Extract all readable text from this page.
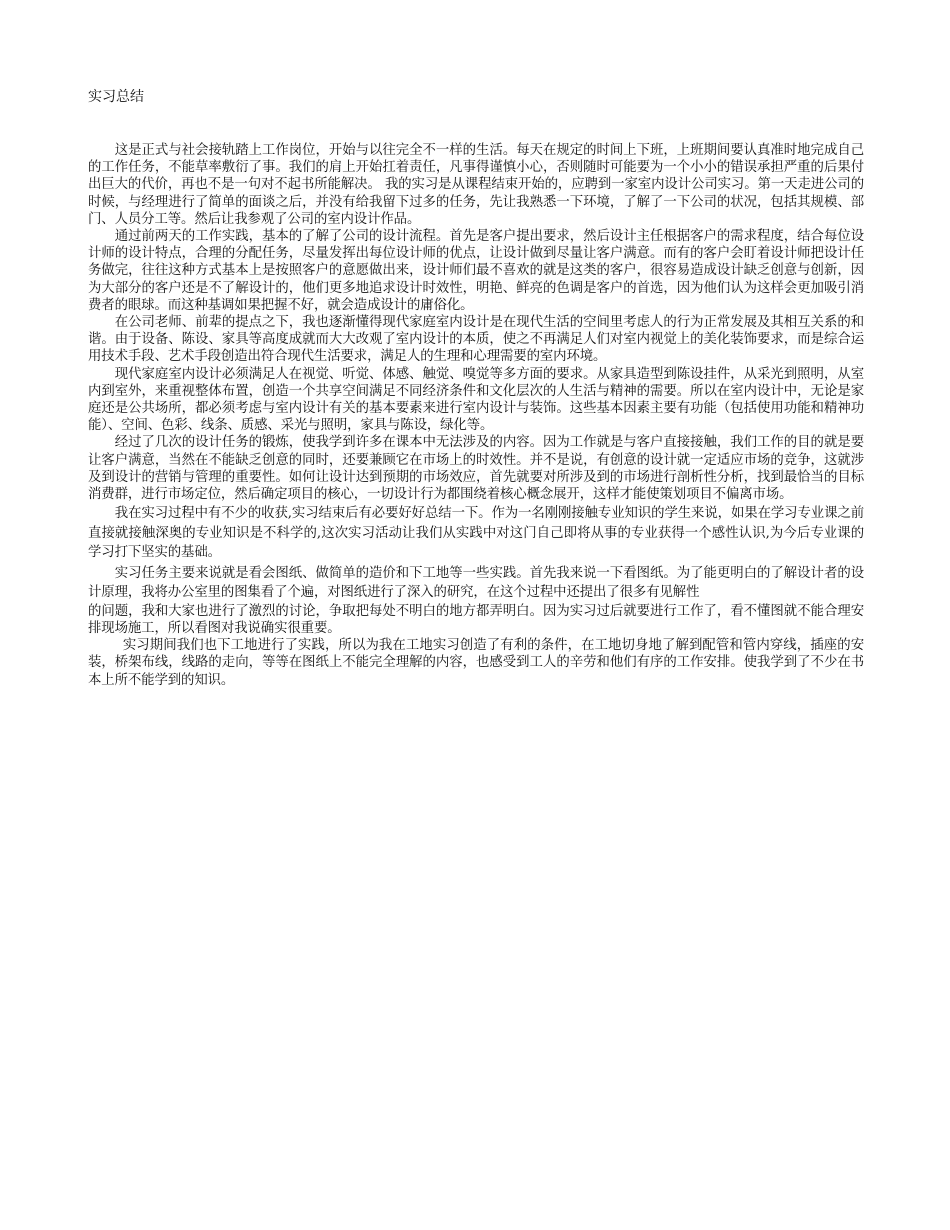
实习总结

这是正式与社会接轨踏上工作岗位，开始与以往完全不一样的生活。每天在规定的时间上下班，上班期间要认真准时地完成自己的工作任务，不能草率敷衍了事。我们的肩上开始扛着责任，凡事得谨慎小心，否则随时可能要为一个小小的错误承担严重的后果付出巨大的代价，再也不是一句对不起书所能解决。 我的实习是从课程结束开始的，应聘到一家室内设计公司实习。第一天走进公司的时候，与经理进行了简单的面谈之后，并没有给我留下过多的任务，先让我熟悉一下环境，了解了一下公司的状况，包括其规模、部门、人员分工等。然后让我参观了公司的室内设计作品。

通过前两天的工作实践，基本的了解了公司的设计流程。首先是客户提出要求，然后设计主任根据客户的需求程度，结合每位设计师的设计特点，合理的分配任务，尽量发挥出每位设计师的优点，让设计做到尽量让客户满意。而有的客户会盯着设计师把设计任务做完，往往这种方式基本上是按照客户的意愿做出来，设计师们最不喜欢的就是这类的客户，很容易造成设计缺乏创意与创新，因为大部分的客户还是不了解设计的，他们更多地追求设计时效性，明艳、鲜亮的色调是客户的首选，因为他们认为这样会更加吸引消费者的眼球。而这种基调如果把握不好，就会造成设计的庸俗化。

在公司老师、前辈的提点之下，我也逐渐懂得现代家庭室内设计是在现代生活的空间里考虑人的行为正常发展及其相互关系的和谐。由于设备、陈设、家具等高度成就而大大改观了室内设计的本质，使之不再满足人们对室内视觉上的美化装饰要求，而是综合运用技术手段、艺术手段创造出符合现代生活要求，满足人的生理和心理需要的室内环境。

现代家庭室内设计必须满足人在视觉、听觉、体感、触觉、嗅觉等多方面的要求。从家具造型到陈设挂件，从采光到照明，从室内到室外，来重视整体布置，创造一个共享空间满足不同经济条件和文化层次的人生活与精神的需要。所以在室内设计中，无论是家庭还是公共场所，都必须考虑与室内设计有关的基本要素来进行室内设计与装饰。这些基本因素主要有功能（包括使用功能和精神功能）、空间、色彩、线条、质感、采光与照明，家具与陈设，绿化等。

经过了几次的设计任务的锻炼，使我学到许多在课本中无法涉及的内容。因为工作就是与客户直接接触，我们工作的目的就是要让客户满意，当然在不能缺乏创意的同时，还要兼顾它在市场上的时效性。并不是说，有创意的设计就一定适应市场的竞争，这就涉及到设计的营销与管理的重要性。如何让设计达到预期的市场效应，首先就要对所涉及到的市场进行剖析性分析，找到最恰当的目标消费群，进行市场定位，然后确定项目的核心，一切设计行为都围绕着核心概念展开，这样才能使策划项目不偏离市场。

我在实习过程中有不少的收获,实习结束后有必要好好总结一下。作为一名刚刚接触专业知识的学生来说，如果在学习专业课之前直接就接触深奥的专业知识是不科学的,这次实习活动让我们从实践中对这门自己即将从事的专业获得一个感性认识,为今后专业课的学习打下坚实的基础。

实习任务主要来说就是看会图纸、做简单的造价和下工地等一些实践。首先我来说一下看图纸。为了能更明白的了解设计者的设计原理，我将办公室里的图集看了个遍，对图纸进行了深入的研究，在这个过程中还提出了很多有见解性

的问题，我和大家也进行了激烈的讨论，争取把每处不明白的地方都弄明白。因为实习过后就要进行工作了，看不懂图就不能合理安排现场施工，所以看图对我说确实很重要。

实习期间我们也下工地进行了实践，所以为我在工地实习创造了有利的条件，在工地切身地了解到配管和管内穿线，插座的安装，桥架布线，线路的走向，等等在图纸上不能完全理解的内容，也感受到工人的辛劳和他们有序的工作安排。使我学到了不少在书本上所不能学到的知识。
